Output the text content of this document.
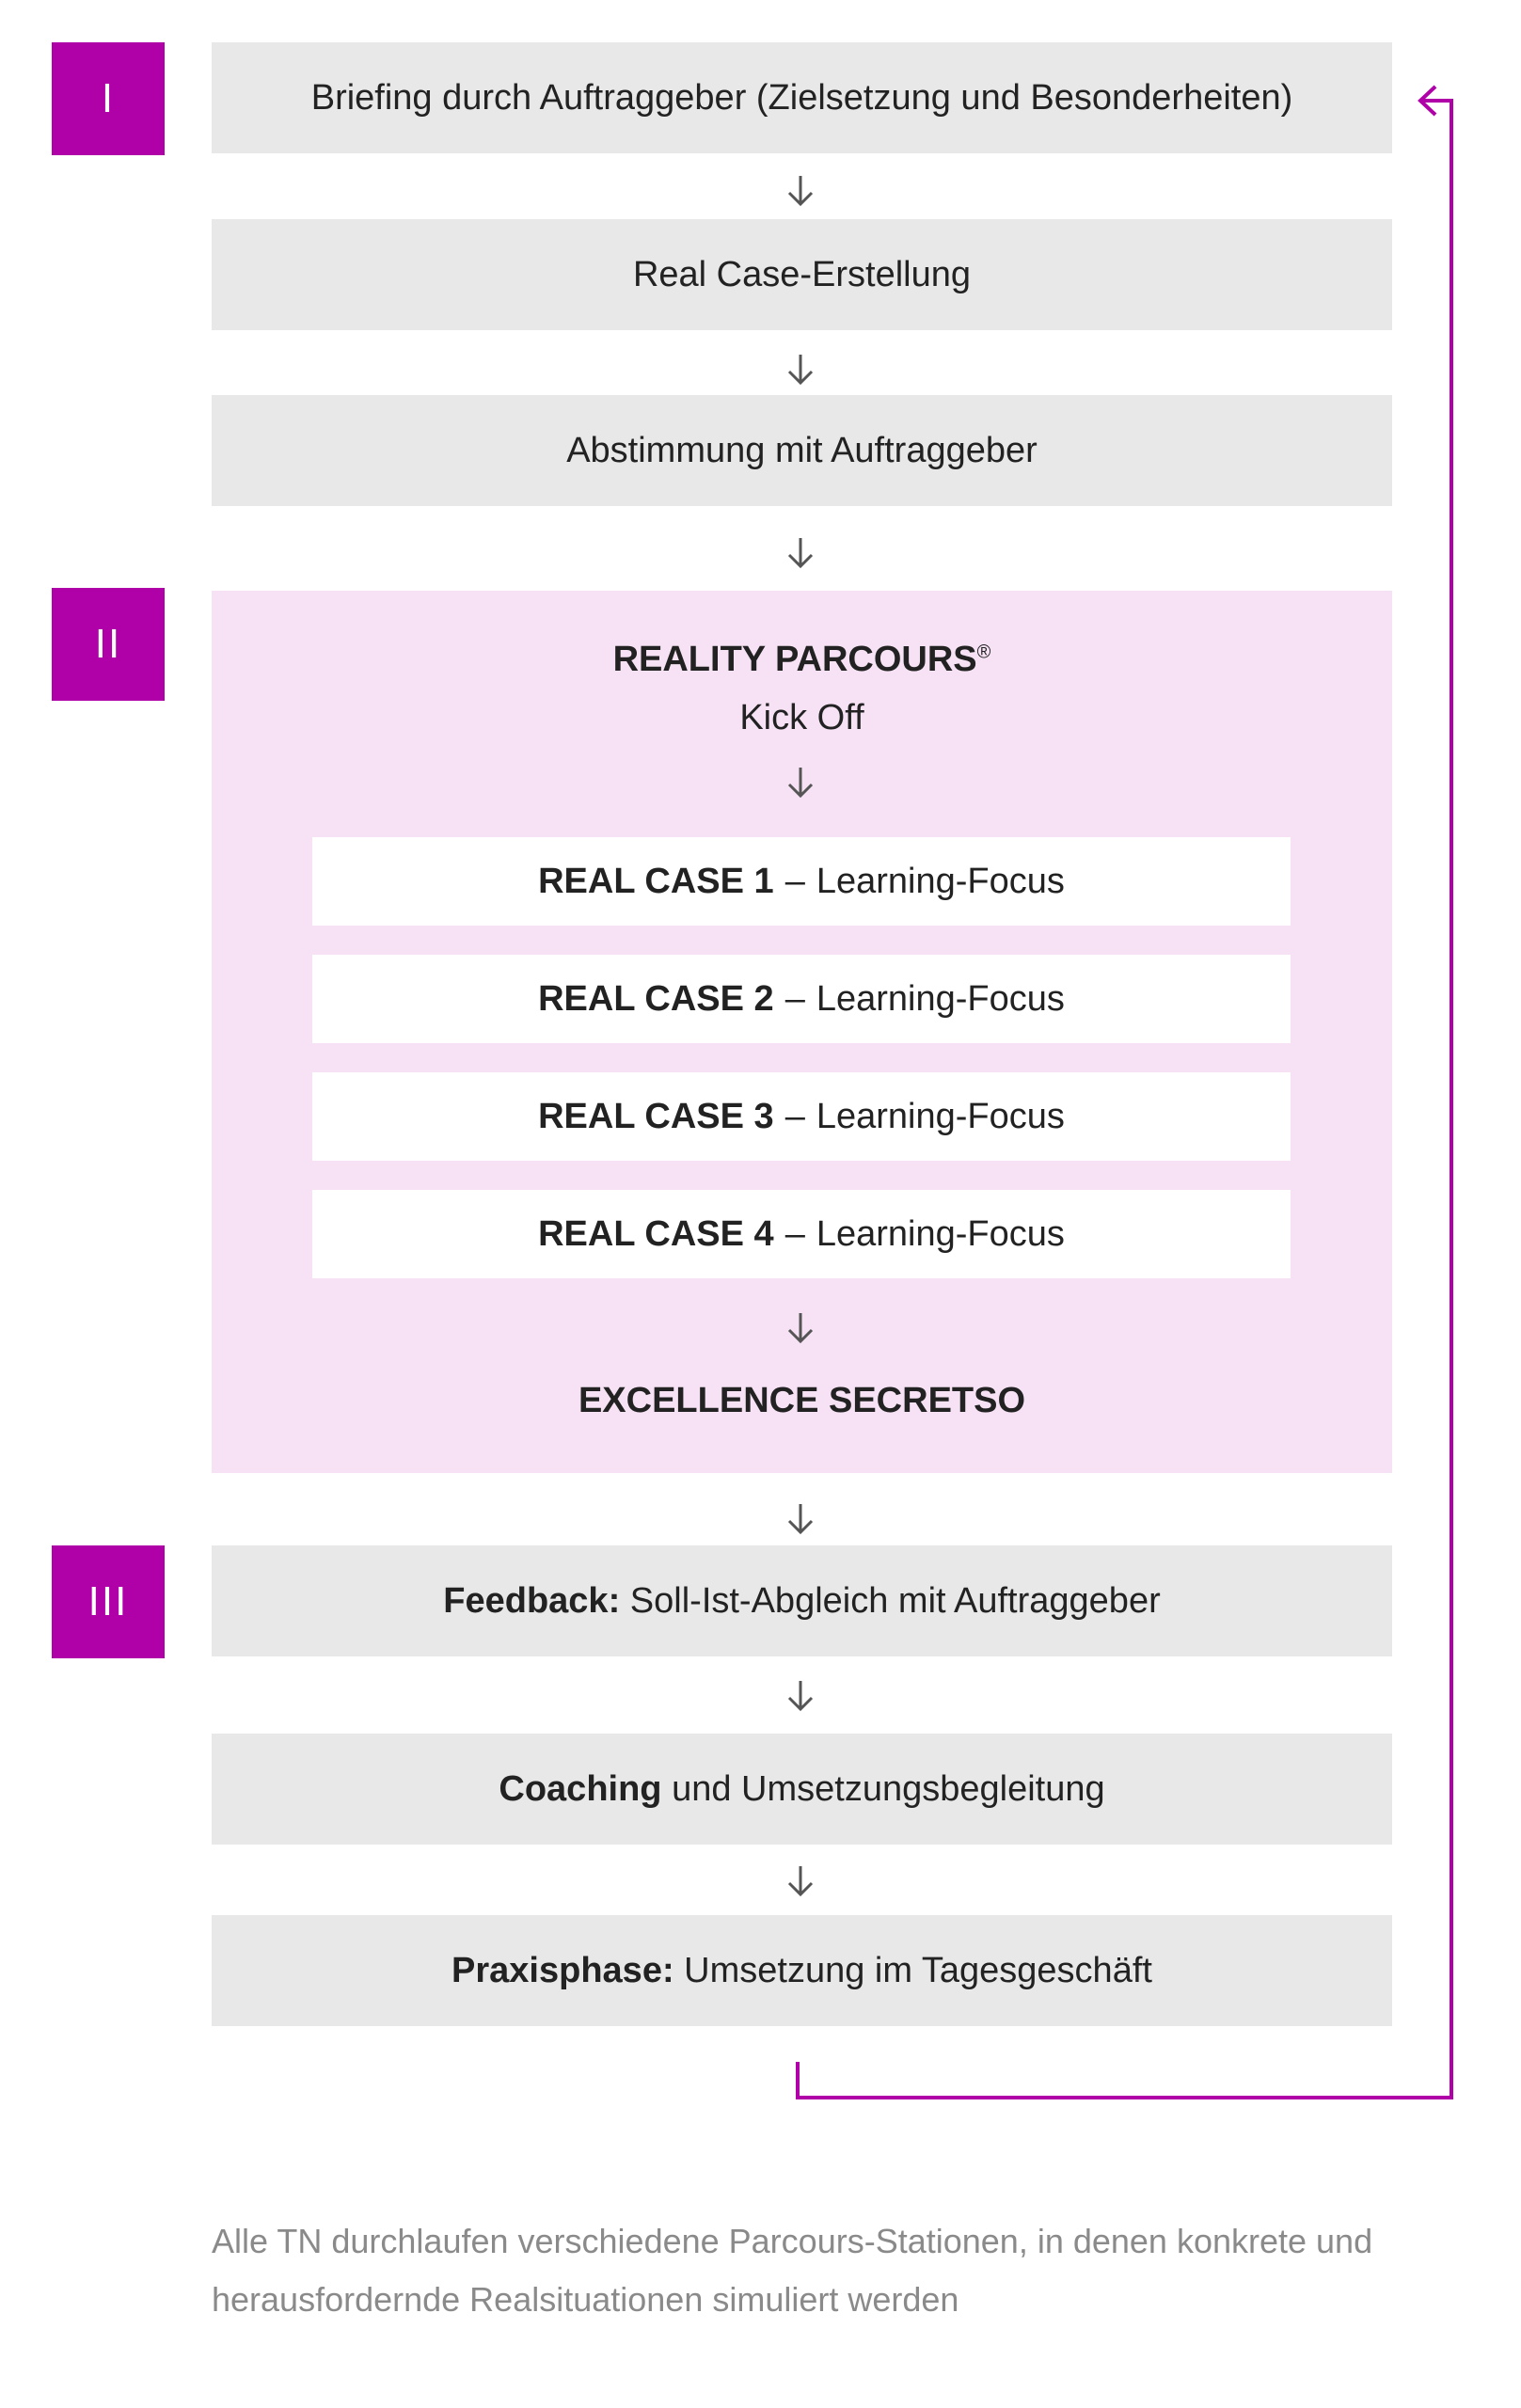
I
II
III
Briefing durch Auftraggeber (Zielsetzung und Besonderheiten)
Real Case-Erstellung
Abstimmung mit Auftraggeber
REALITY PARCOURS®
Kick Off
REAL CASE 1 – Learning-Focus
REAL CASE 2 – Learning-Focus
REAL CASE 3 – Learning-Focus
REAL CASE 4 – Learning-Focus
EXCELLENCE SECRETSO
Feedback:
Soll-Ist-Abgleich mit Auftraggeber
Coaching
und Umsetzungsbegleitung
Praxisphase:
Umsetzung im Tagesgeschäft
Alle TN durchlaufen verschiedene Parcours-Stationen, in denen konkrete und herausfordernde Realsituationen simuliert werden
